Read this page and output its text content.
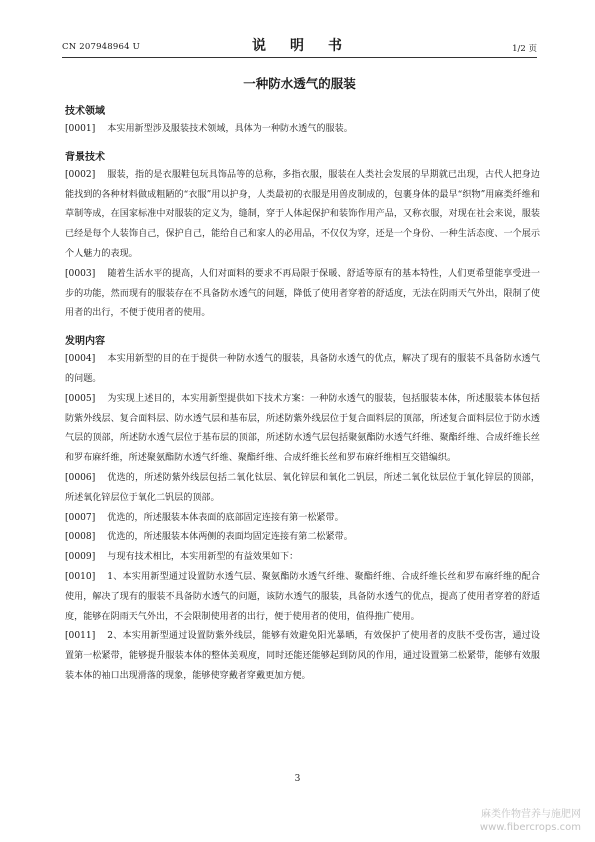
CN 207948964 U	说　明　书	1/2 页
一种防水透气的服装
技术领域

[0001] 本实用新型涉及服装技术领域，具体为一种防水透气的服装。

背景技术

[0002] 服装，指的是衣服鞋包玩具饰品等的总称，多指衣服，服装在人类社会发展的早期就已出现，古代人把身边能找到的各种材料做成粗陋的“衣服”用以护身，人类最初的衣服是用兽皮制成的，包裹身体的最早“织物”用麻类纤维和草制等成，在国家标准中对服装的定义为，缝制，穿于人体起保护和装饰作用产品，又称衣服，对现在社会来说，服装已经是每个人装饰自己，保护自己，能给自己和家人的必用品，不仅仅为穿，还是一个身份、一种生活态度、一个展示个人魅力的表现。

[0003] 随着生活水平的提高，人们对面料的要求不再局限于保暖、舒适等原有的基本特性，人们更希望能享受进一步的功能，然而现有的服装存在不具备防水透气的问题，降低了使用者穿着的舒适度，无法在阴雨天气外出，限制了使用者的出行，不便于使用者的使用。

发明内容

[0004] 本实用新型的目的在于提供一种防水透气的服装，具备防水透气的优点，解决了现有的服装不具备防水透气的问题。

[0005] 为实现上述目的，本实用新型提供如下技术方案：一种防水透气的服装，包括服装本体，所述服装本体包括防紫外线层、复合面料层、防水透气层和基布层，所述防紫外线层位于复合面料层的顶部，所述复合面料层位于防水透气层的顶部，所述防水透气层位于基布层的顶部，所述防水透气层包括聚氨酯防水透气纤维、聚酯纤维、合成纤维长丝和罗布麻纤维，所述聚氨酯防水透气纤维、聚酯纤维、合成纤维长丝和罗布麻纤维相互交错编织。

[0006] 优选的，所述防紫外线层包括二氧化钛层、氧化锌层和氧化二钒层，所述二氧化钛层位于氧化锌层的顶部，所述氧化锌层位于氧化二钒层的顶部。

[0007] 优选的，所述服装本体表面的底部固定连接有第一松紧带。

[0008] 优选的，所述服装本体两侧的表面均固定连接有第二松紧带。

[0009] 与现有技术相比，本实用新型的有益效果如下：

[0010] 1、本实用新型通过设置防水透气层、聚氨酯防水透气纤维、聚酯纤维、合成纤维长丝和罗布麻纤维的配合使用，解决了现有的服装不具备防水透气的问题，该防水透气的服装，具备防水透气的优点，提高了使用者穿着的舒适度，能够在阴雨天气外出，不会限制使用者的出行，便于使用者的使用，值得推广使用。

[0011] 2、本实用新型通过设置防紫外线层，能够有效避免阳光暴晒，有效保护了使用者的皮肤不受伤害，通过设置第一松紧带，能够提升服装本体的整体美观度，同时还能还能够起到防风的作用，通过设置第二松紧带，能够有效服装本体的袖口出现滑落的现象，能够使穿戴者穿戴更加方便。

3
麻类作物营养与施肥网
www.fibercrops.com
